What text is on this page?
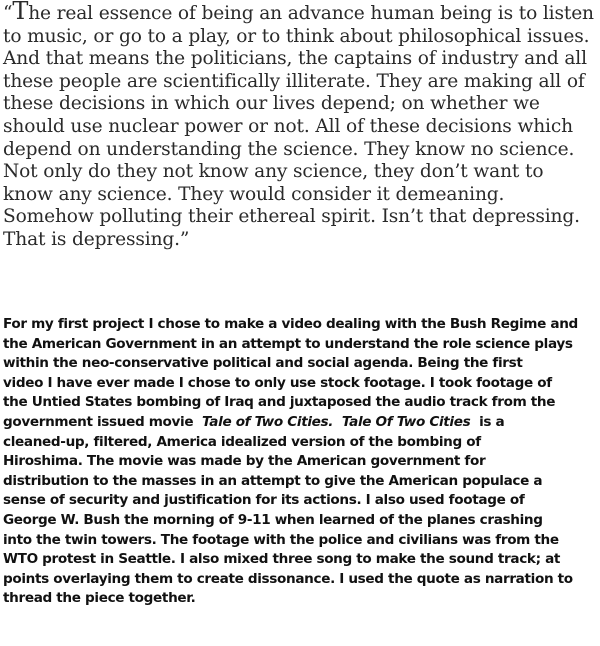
“The real essence of being an advance human being is to listen
to music, or go to a play, or to think about philosophical issues.
And that means the politicians, the captains of industry and all
these people are scientifically illiterate. They are making all of
these decisions in which our lives depend; on whether we
should use nuclear power or not. All of these decisions which
depend on understanding the science. They know no science.
Not only do they not know any science, they don’t want to
know any science. They would consider it demeaning.
Somehow polluting their ethereal spirit. Isn’t that depressing.
That is depressing.”
For my first project I chose to make a video dealing with the Bush Regime and
the American Government in an attempt to understand the role science plays
within the neo-conservative political and social agenda. Being the first
video I have ever made I chose to only use stock footage. I took footage of
the Untied States bombing of Iraq and juxtaposed the audio track from the
government issued movie  Tale of Two Cities. Tale Of Two Cities  is a
cleaned-up, filtered, America idealized version of the bombing of
Hiroshima. The movie was made by the American government for
distribution to the masses in an attempt to give the American populace a
sense of security and justification for its actions. I also used footage of
George W. Bush the morning of 9-11 when learned of the planes crashing
into the twin towers. The footage with the police and civilians was from the
WTO protest in Seattle. I also mixed three song to make the sound track; at
points overlaying them to create dissonance. I used the quote as narration to
thread the piece together.
